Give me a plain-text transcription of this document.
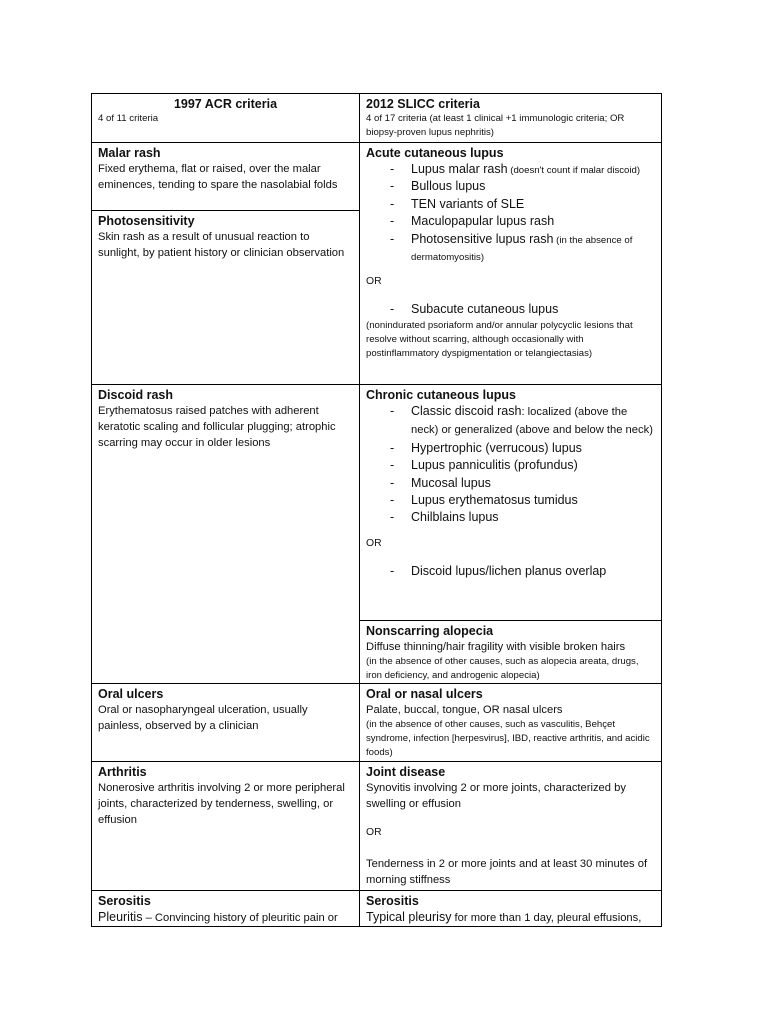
1997 ACR criteria
4 of 11 criteria
2012 SLICC criteria
4 of 17 criteria (at least 1 clinical +1 immunologic criteria; OR biopsy-proven lupus nephritis)
Malar rash
Fixed erythema, flat or raised, over the malar eminences, tending to spare the nasolabial folds
Photosensitivity
Skin rash as a result of unusual reaction to sunlight, by patient history or clinician observation
Discoid rash
Erythematosus raised patches with adherent keratotic scaling and follicular plugging; atrophic scarring may occur in older lesions
Oral ulcers
Oral or nasopharyngeal ulceration, usually painless, observed by a clinician
Arthritis
Nonerosive arthritis involving 2 or more peripheral joints, characterized by tenderness, swelling, or effusion
Serositis
Pleuritis – Convincing history of pleuritic pain or
Acute cutaneous lupus
- Lupus malar rash (doesn't count if malar discoid)
- Bullous lupus
- TEN variants of SLE
- Maculopapular lupus rash
- Photosensitive lupus rash (in the absence of dermatomyositis)
OR
- Subacute cutaneous lupus
(nonindurated psoriaform and/or annular polycyclic lesions that resolve without scarring, although occasionally with postinflammatory dyspigmentation or telangiectasias)
Chronic cutaneous lupus
- Classic discoid rash: localized (above the neck) or generalized (above and below the neck)
- Hypertrophic (verrucous) lupus
- Lupus panniculitis (profundus)
- Mucosal lupus
- Lupus erythematosus tumidus
- Chilblains lupus
OR
- Discoid lupus/lichen planus overlap
Nonscarring alopecia
Diffuse thinning/hair fragility with visible broken hairs
(in the absence of other causes, such as alopecia areata, drugs, iron deficiency, and androgenic alopecia)
Oral or nasal ulcers
Palate, buccal, tongue, OR nasal ulcers
(in the absence of other causes, such as vasculitis, Behçet syndrome, infection [herpesvirus], IBD, reactive arthritis, and acidic foods)
Joint disease
Synovitis involving 2 or more joints, characterized by swelling or effusion
OR
Tenderness in 2 or more joints and at least 30 minutes of morning stiffness
Serositis
Typical pleurisy for more than 1 day, pleural effusions,
